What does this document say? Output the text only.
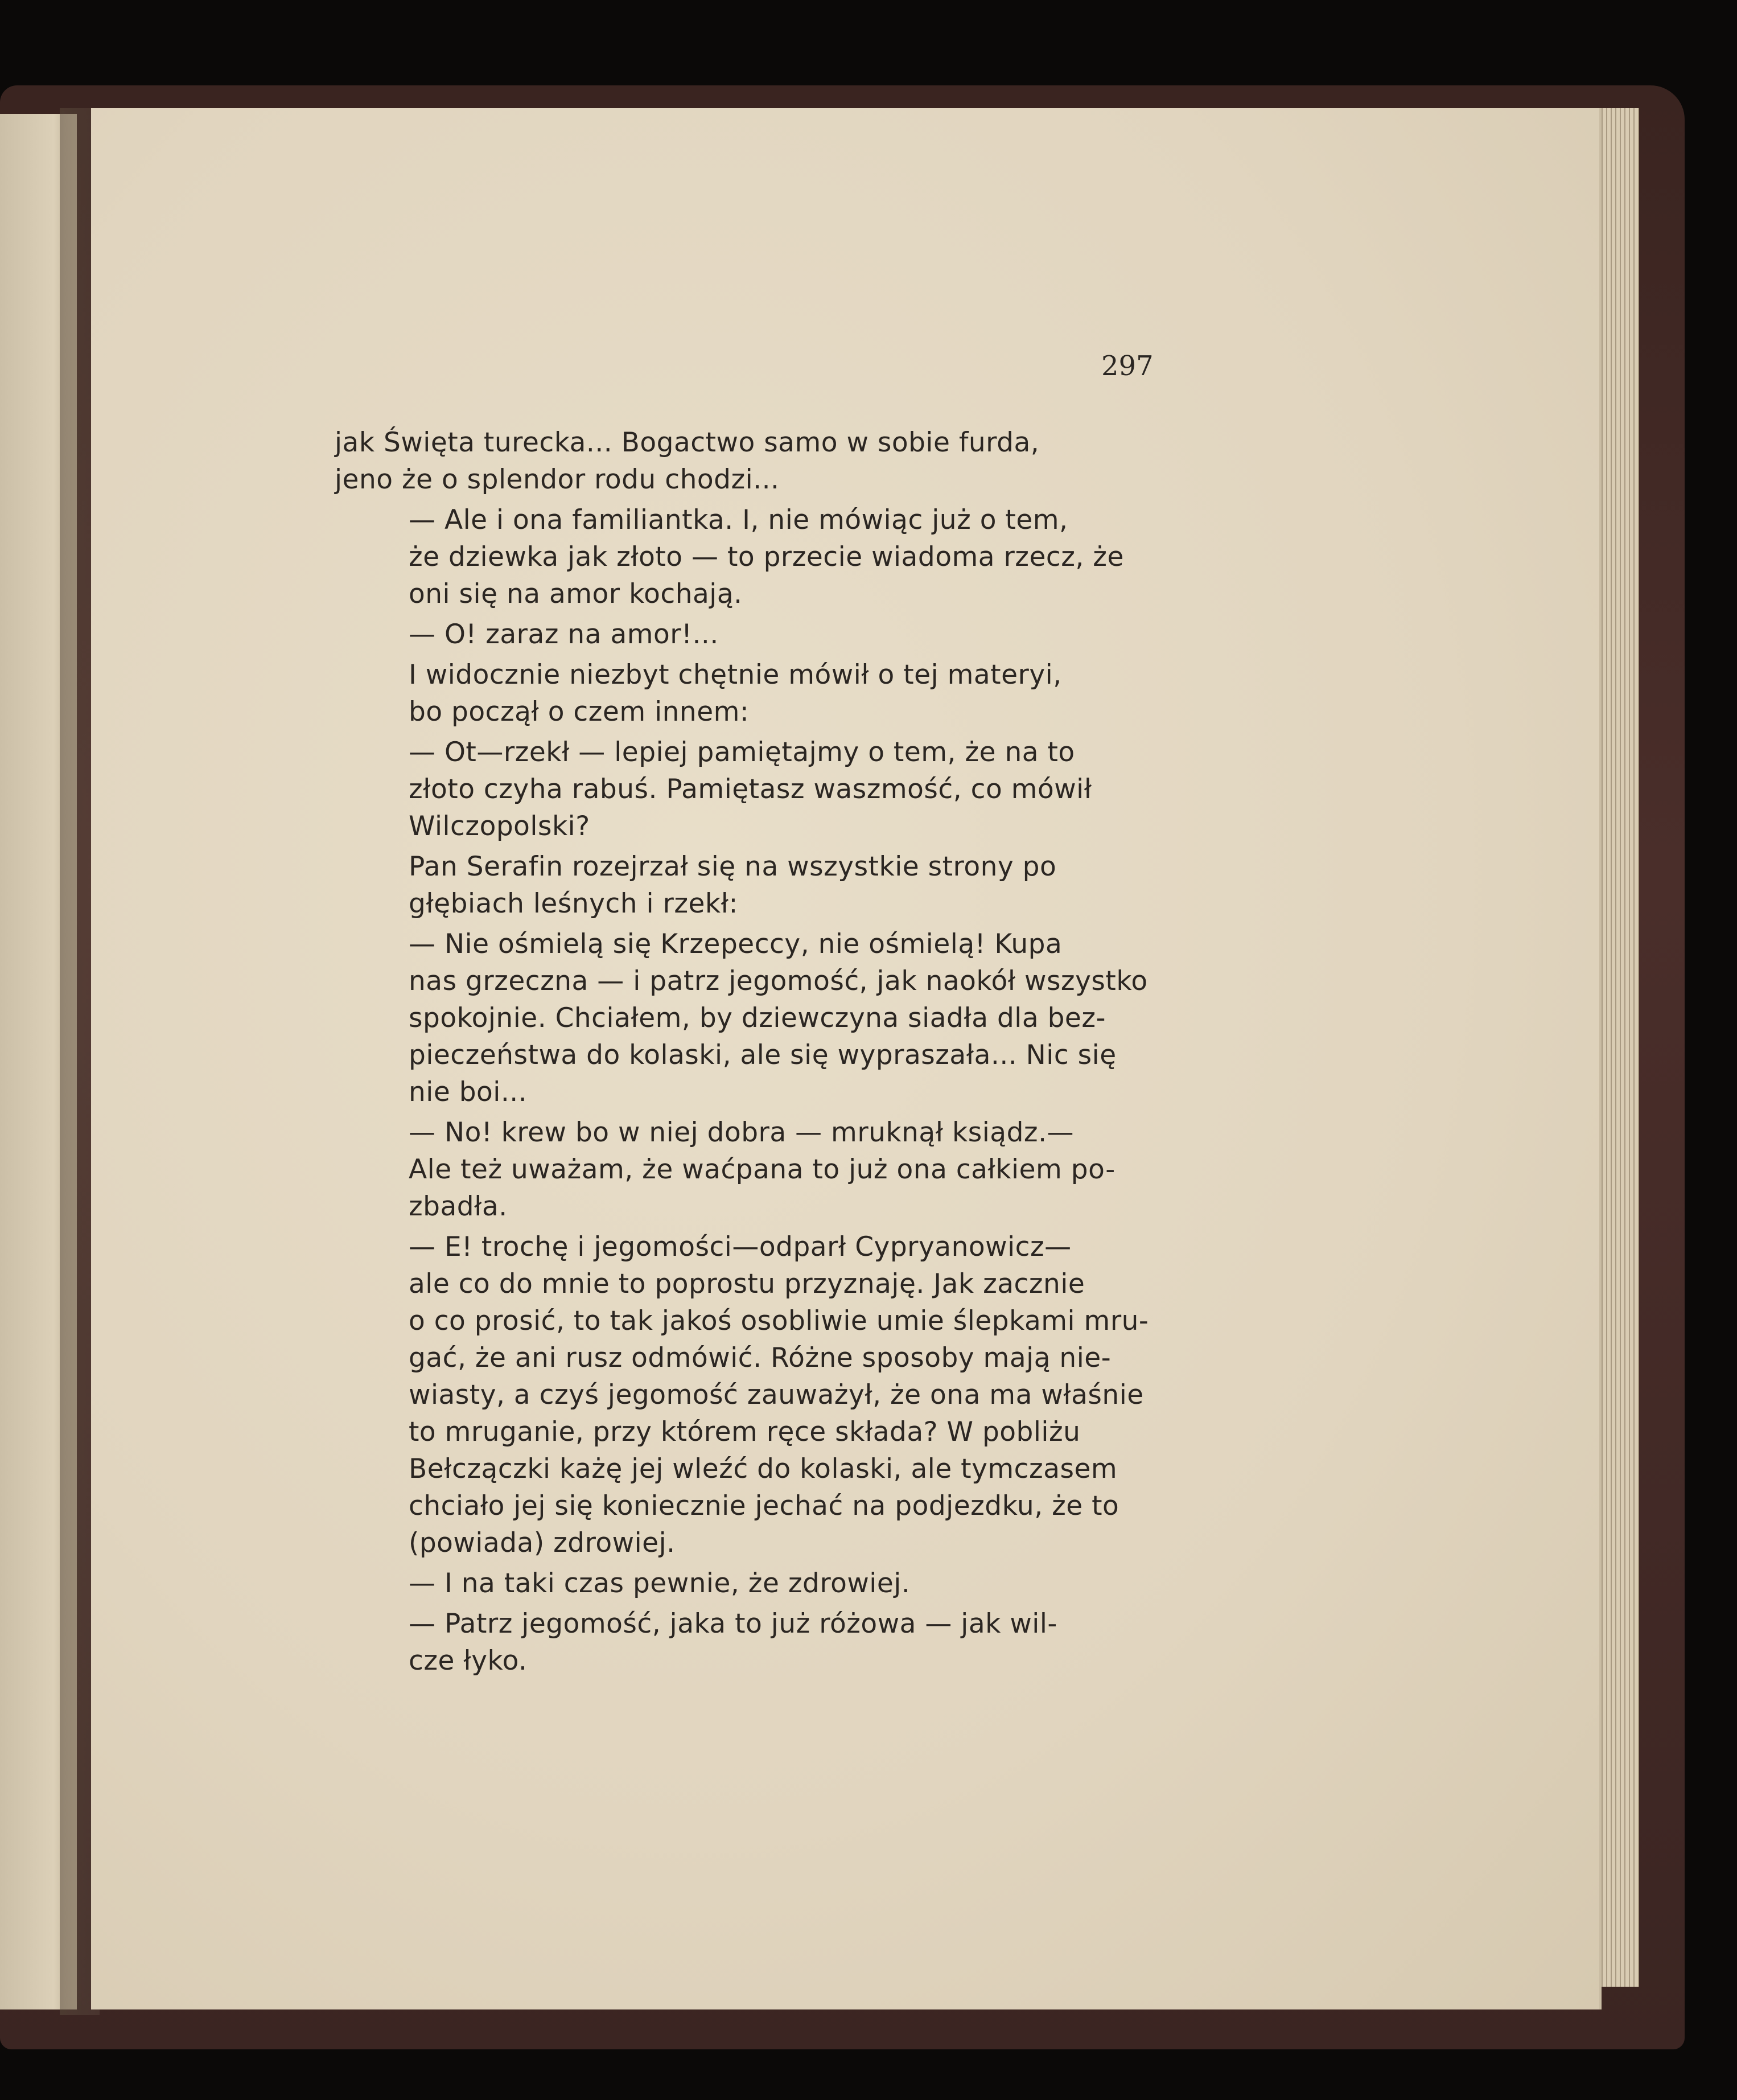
297
jak Święta turecka... Bogactwo samo w sobie furda,
jeno że o splendor rodu chodzi...
— Ale i ona familiantka. I, nie mówiąc już o tem,
że dziewka jak złoto — to przecie wiadoma rzecz, że
oni się na amor kochają.
— O! zaraz na amor!...
I widocznie niezbyt chętnie mówił o tej materyi,
bo począł o czem innem:
— Ot—rzekł — lepiej pamiętajmy o tem, że na to
złoto czyha rabuś. Pamiętasz waszmość, co mówił
Wilczopolski?
Pan Serafin rozejrzał się na wszystkie strony po
głębiach leśnych i rzekł:
— Nie ośmielą się Krzepeccy, nie ośmielą! Kupa
nas grzeczna — i patrz jegomość, jak naokół wszystko
spokojnie. Chciałem, by dziewczyna siadła dla bez-
pieczeństwa do kolaski, ale się wypraszała... Nic się
nie boi...
— No! krew bo w niej dobra — mruknął ksiądz.—
Ale też uważam, że waćpana to już ona całkiem po-
zbadła.
— E! trochę i jegomości—odparł Cypryanowicz—
ale co do mnie to poprostu przyznaję. Jak zacznie
o co prosić, to tak jakoś osobliwie umie ślepkami mru-
gać, że ani rusz odmówić. Różne sposoby mają nie-
wiasty, a czyś jegomość zauważył, że ona ma właśnie
to mruganie, przy którem ręce składa? W pobliżu
Bełczączki każę jej wleźć do kolaski, ale tymczasem
chciało jej się koniecznie jechać na podjezdku, że to
(powiada) zdrowiej.
— I na taki czas pewnie, że zdrowiej.
— Patrz jegomość, jaka to już różowa — jak wil-
cze łyko.
